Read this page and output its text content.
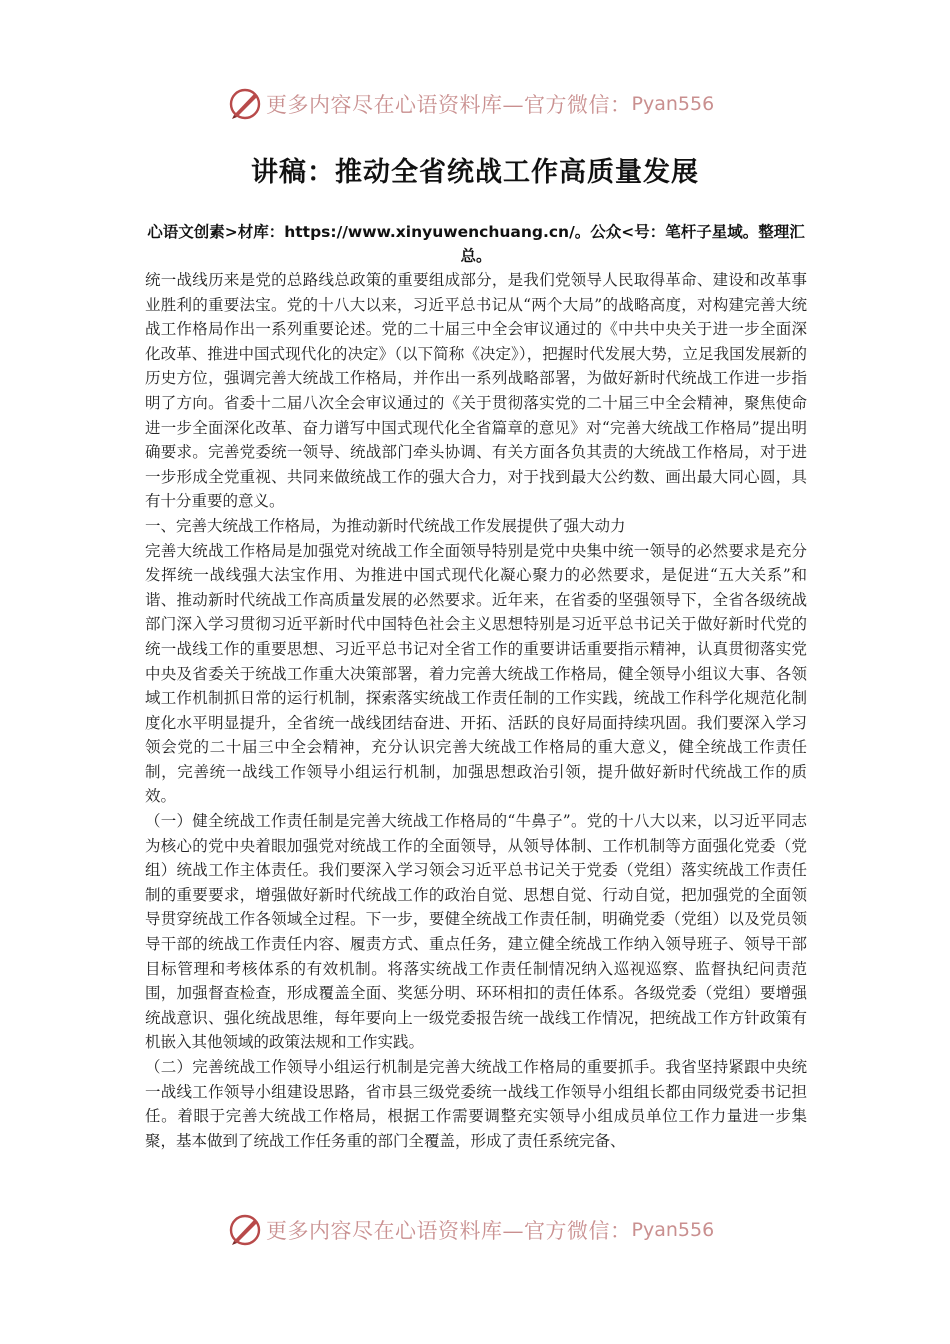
更多内容尽在心语资料库—官方微信： Pyan556
讲稿：推动全省统战工作高质量发展
心语文创素>材库：https://www.xinyuwenchuang.cn/。公众<号：笔杆子星域。整理汇总。

统一战线历来是党的总路线总政策的重要组成部分，是我们党领导人民取得革命、建设和改革事业胜利的重要法宝。党的十八大以来，习近平总书记从“两个大局”的战略高度，对构建完善大统战工作格局作出一系列重要论述。党的二十届三中全会审议通过的《中共中央关于进一步全面深化改革、推进中国式现代化的决定》（以下简称《决定》），把握时代发展大势，立足我国发展新的历史方位，强调完善大统战工作格局，并作出一系列战略部署，为做好新时代统战工作进一步指明了方向。省委十二届八次全会审议通过的《关于贯彻落实党的二十届三中全会精神，聚焦使命进一步全面深化改革、奋力谱写中国式现代化全省篇章的意见》对“完善大统战工作格局”提出明确要求。完善党委统一领导、统战部门牵头协调、有关方面各负其责的大统战工作格局，对于进一步形成全党重视、共同来做统战工作的强大合力，对于找到最大公约数、画出最大同心圆，具有十分重要的意义。

一、完善大统战工作格局，为推动新时代统战工作发展提供了强大动力

完善大统战工作格局是加强党对统战工作全面领导特别是党中央集中统一领导的必然要求是充分发挥统一战线强大法宝作用、为推进中国式现代化凝心聚力的必然要求，是促进“五大关系”和谐、推动新时代统战工作高质量发展的必然要求。近年来，在省委的坚强领导下，全省各级统战部门深入学习贯彻习近平新时代中国特色社会主义思想特别是习近平总书记关于做好新时代党的统一战线工作的重要思想、习近平总书记对全省工作的重要讲话重要指示精神，认真贯彻落实党中央及省委关于统战工作重大决策部署，着力完善大统战工作格局，健全领导小组议大事、各领域工作机制抓日常的运行机制，探索落实统战工作责任制的工作实践，统战工作科学化规范化制度化水平明显提升，全省统一战线团结奋进、开拓、活跃的良好局面持续巩固。我们要深入学习领会党的二十届三中全会精神，充分认识完善大统战工作格局的重大意义，健全统战工作责任制，完善统一战线工作领导小组运行机制，加强思想政治引领，提升做好新时代统战工作的质效。

（一）健全统战工作责任制是完善大统战工作格局的“牛鼻子”。党的十八大以来，以习近平同志为核心的党中央着眼加强党对统战工作的全面领导，从领导体制、工作机制等方面强化党委（党组）统战工作主体责任。我们要深入学习领会习近平总书记关于党委（党组）落实统战工作责任制的重要要求，增强做好新时代统战工作的政治自觉、思想自觉、行动自觉，把加强党的全面领导贯穿统战工作各领域全过程。下一步，要健全统战工作责任制，明确党委（党组）以及党员领导干部的统战工作责任内容、履责方式、重点任务，建立健全统战工作纳入领导班子、领导干部目标管理和考核体系的有效机制。将落实统战工作责任制情况纳入巡视巡察、监督执纪问责范围，加强督查检查，形成覆盖全面、奖惩分明、环环相扣的责任体系。各级党委（党组）要增强统战意识、强化统战思维，每年要向上一级党委报告统一战线工作情况，把统战工作方针政策有机嵌入其他领域的政策法规和工作实践。

（二）完善统战工作领导小组运行机制是完善大统战工作格局的重要抓手。我省坚持紧跟中央统一战线工作领导小组建设思路，省市县三级党委统一战线工作领导小组组长都由同级党委书记担任。着眼于完善大统战工作格局，根据工作需要调整充实领导小组成员单位工作力量进一步集聚，基本做到了统战工作任务重的部门全覆盖，形成了责任系统完备、

更多内容尽在心语资料库—官方微信： Pyan556
